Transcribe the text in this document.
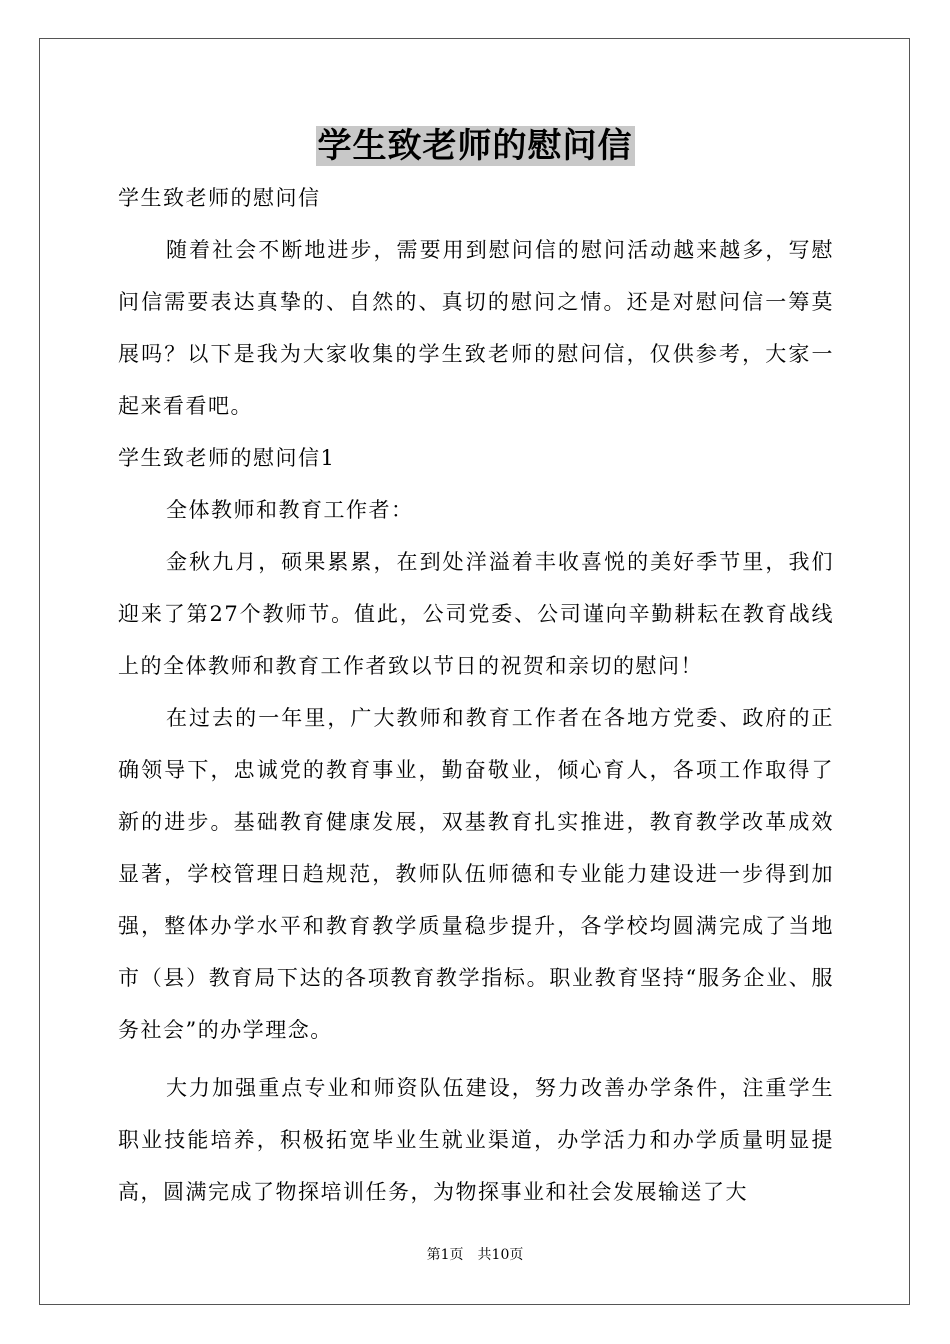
学生致老师的慰问信

学生致老师的慰问信

随着社会不断地进步，需要用到慰问信的慰问活动越来越多，写慰问信需要表达真挚的、自然的、真切的慰问之情。还是对慰问信一筹莫展吗？以下是我为大家收集的学生致老师的慰问信，仅供参考，大家一起来看看吧。

学生致老师的慰问信1

全体教师和教育工作者：

金秋九月，硕果累累，在到处洋溢着丰收喜悦的美好季节里，我们迎来了第27个教师节。值此，公司党委、公司谨向辛勤耕耘在教育战线上的全体教师和教育工作者致以节日的祝贺和亲切的慰问！

在过去的一年里，广大教师和教育工作者在各地方党委、政府的正确领导下，忠诚党的教育事业，勤奋敬业，倾心育人，各项工作取得了新的进步。基础教育健康发展，双基教育扎实推进，教育教学改革成效显著，学校管理日趋规范，教师队伍师德和专业能力建设进一步得到加强，整体办学水平和教育教学质量稳步提升，各学校均圆满完成了当地市（县）教育局下达的各项教育教学指标。职业教育坚持“服务企业、服务社会”的办学理念。

大力加强重点专业和师资队伍建设，努力改善办学条件，注重学生职业技能培养，积极拓宽毕业生就业渠道，办学活力和办学质量明显提高，圆满完成了物探培训任务，为物探事业和社会发展输送了大

第1页　共10页
